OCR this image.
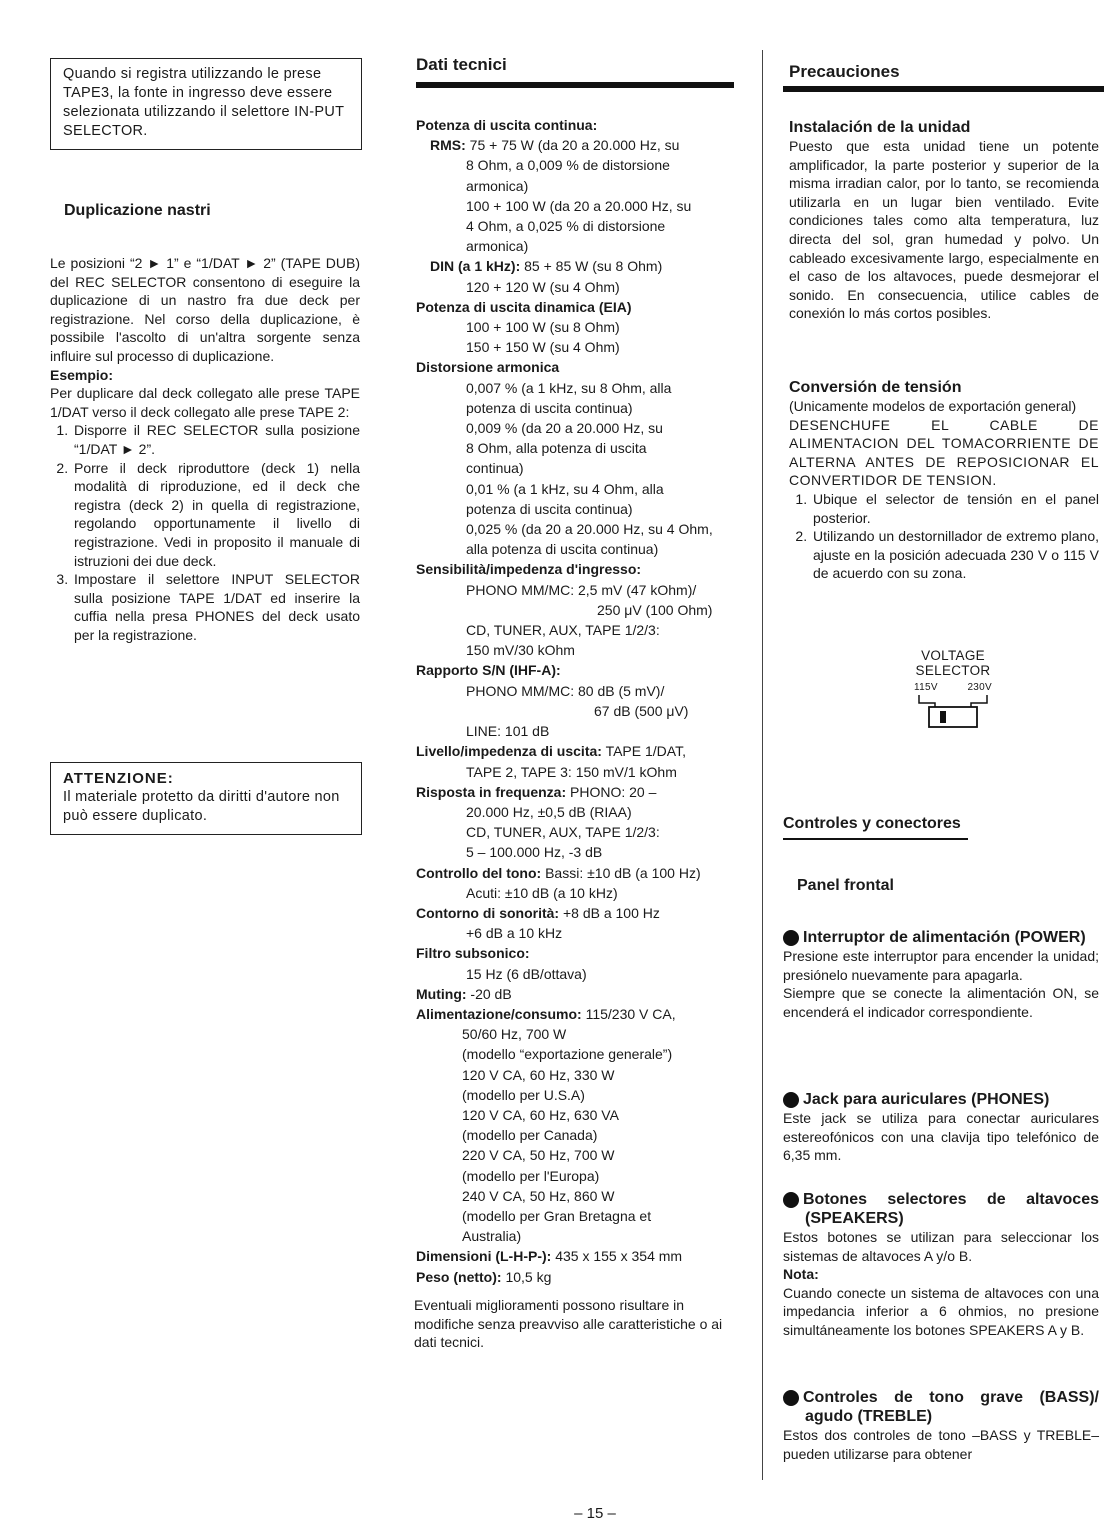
Quando si registra utilizzando le prese TAPE3, la fonte in ingresso deve essere selezionata utilizzando il selettore IN-PUT SELECTOR.
Duplicazione nastri
Le posizioni “2 ► 1” e “1/DAT ► 2” (TAPE DUB) del REC SELECTOR consentono di eseguire la duplicazione di un nastro fra due deck per registrazione. Nel corso della duplicazione, è possibile l'ascolto di un'altra sorgente senza influire sul processo di duplicazione.
Esempio:
Per duplicare dal deck collegato alle prese TAPE 1/DAT verso il deck collegato alle prese TAPE 2:
1. Disporre il REC SELECTOR sulla posizione “1/DAT ► 2”.
2. Porre il deck riproduttore (deck 1) nella modalità di riproduzione, ed il deck che registra (deck 2) in quella di registrazione, regolando opportunamente il livello di registrazione. Vedi in proposito il manuale di istruzioni dei due deck.
3. Impostare il selettore INPUT SELECTOR sulla posizione TAPE 1/DAT ed inserire la cuffia nella presa PHONES del deck usato per la registrazione.
ATTENZIONE:
Il materiale protetto da diritti d'autore non può essere duplicato.
Dati tecnici
Potenza di uscita continua:
RMS: 75 + 75 W (da 20 a 20.000 Hz, su
8 Ohm, a 0,009 % de distorsione
armonica)
100 + 100 W (da 20 a 20.000 Hz, su
4 Ohm, a 0,025 % di distorsione
armonica)
DIN (a 1 kHz): 85 + 85 W (su 8 Ohm)
120 + 120 W (su 4 Ohm)
Potenza di uscita dinamica (EIA)
100 + 100 W (su 8 Ohm)
150 + 150 W (su 4 Ohm)
Distorsione armonica
0,007 % (a 1 kHz, su 8 Ohm, alla
potenza di uscita continua)
0,009 % (da 20 a 20.000 Hz, su
8 Ohm, alla potenza di uscita
continua)
0,01 % (a 1 kHz, su 4 Ohm, alla
potenza di uscita continua)
0,025 % (da 20 a 20.000 Hz, su 4 Ohm,
alla potenza di uscita continua)
Sensibilità/impedenza d'ingresso:
PHONO MM/MC: 2,5 mV (47 kOhm)/
250 μV (100 Ohm)
CD, TUNER, AUX, TAPE 1/2/3:
150 mV/30 kOhm
Rapporto S/N (IHF-A):
PHONO MM/MC: 80 dB (5 mV)/
67 dB (500 μV)
LINE: 101 dB
Livello/impedenza di uscita: TAPE 1/DAT,
TAPE 2, TAPE 3: 150 mV/1 kOhm
Risposta in frequenza: PHONO: 20 –
20.000 Hz, ±0,5 dB (RIAA)
CD, TUNER, AUX, TAPE 1/2/3:
5 – 100.000 Hz, -3 dB
Controllo del tono: Bassi: ±10 dB (a 100 Hz)
Acuti: ±10 dB (a 10 kHz)
Contorno di sonorità: +8 dB a 100 Hz
+6 dB a 10 kHz
Filtro subsonico:
15 Hz (6 dB/ottava)
Muting: -20 dB
Alimentazione/consumo: 115/230 V CA,
50/60 Hz, 700 W
(modello “exportazione generale”)
120 V CA, 60 Hz, 330 W
(modello per U.S.A)
120 V CA, 60 Hz, 630 VA
(modello per Canada)
220 V CA, 50 Hz, 700 W
(modello per l'Europa)
240 V CA, 50 Hz, 860 W
(modello per Gran Bretagna et
Australia)
Dimensioni (L-H-P-): 435 x 155 x 354 mm
Peso (netto): 10,5 kg
Eventuali miglioramenti possono risultare in modifiche senza preavviso alle caratteristiche o ai dati tecnici.
Precauciones
Instalación de la unidad
Puesto que esta unidad tiene un potente amplificador, la parte posterior y superior de la misma irradian calor, por lo tanto, se recomienda utilizarla en un lugar bien ventilado. Evite condiciones tales como alta temperatura, luz directa del sol, gran humedad y polvo. Un cableado excesivamente largo, especialmente en el caso de los altavoces, puede desmejorar el sonido. En consecuencia, utilice cables de conexión lo más cortos posibles.
Conversión de tensión
(Unicamente modelos de exportación general)
DESENCHUFE EL CABLE DE ALIMENTACION DEL TOMACORRIENTE DE ALTERNA ANTES DE REPOSICIONAR EL CONVERTIDOR DE TENSION.
1. Ubique el selector de tensión en el panel posterior.
2. Utilizando un destornillador de extremo plano, ajuste en la posición adecuada 230 V o 115 V de acuerdo con su zona.
VOLTAGE SELECTOR
115V	230V
Controles y conectores
Panel frontal
1 Interruptor de alimentación (POWER)
Presione este interruptor para encender la unidad; presiónelo nuevamente para apagarla.
Siempre que se conecte la alimentación ON, se encenderá el indicador correspondiente.
2 Jack para auriculares (PHONES)
Este jack se utiliza para conectar auriculares estereofónicos con una clavija tipo telefónico de 6,35 mm.
3 Botones selectores de altavoces (SPEAKERS)
Estos botones se utilizan para seleccionar los sistemas de altavoces A y/o B.
Nota:
Cuando conecte un sistema de altavoces con una impedancia inferior a 6 ohmios, no presione simultáneamente los botones SPEAKERS A y B.
4 Controles de tono grave (BASS)/ agudo (TREBLE)
Estos dos controles de tono –BASS y TREBLE– pueden utilizarse para obtener
– 15 –
